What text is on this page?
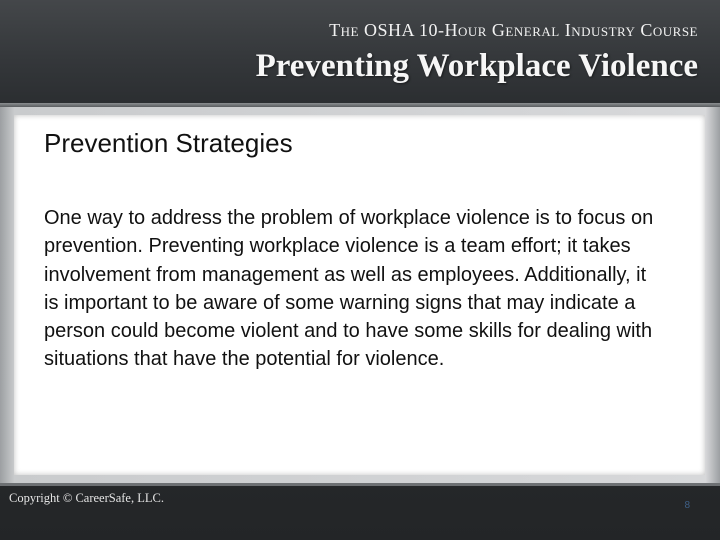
The OSHA 10-Hour General Industry Course
Preventing Workplace Violence
Prevention Strategies

One way to address the problem of workplace violence is to focus on prevention. Preventing workplace violence is a team effort; it takes involvement from management as well as employees. Additionally, it is important to be aware of some warning signs that may indicate a person could become violent and to have some skills for dealing with situations that have the potential for violence.

Copyright © CareerSafe, LLC.
8
